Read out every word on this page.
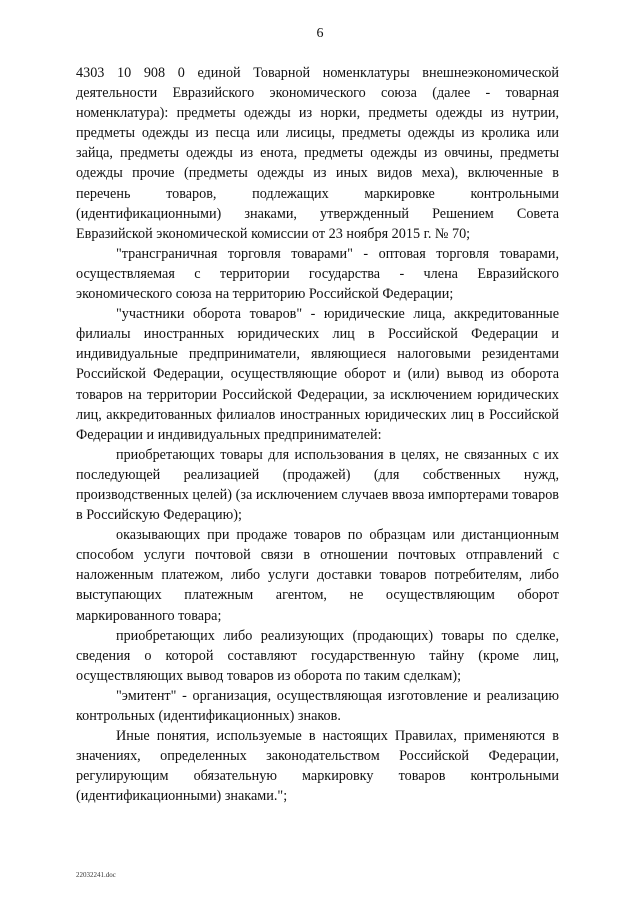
6

4303 10 908 0 единой Товарной номенклатуры внешнеэкономической деятельности Евразийского экономического союза (далее - товарная номенклатура): предметы одежды из норки, предметы одежды из нутрии, предметы одежды из песца или лисицы, предметы одежды из кролика или зайца, предметы одежды из енота, предметы одежды из овчины, предметы одежды прочие (предметы одежды из иных видов меха), включенные в перечень товаров, подлежащих маркировке контрольными (идентификационными) знаками, утвержденный Решением Совета Евразийской экономической комиссии от 23 ноября 2015 г. № 70;

"трансграничная торговля товарами" - оптовая торговля товарами, осуществляемая с территории государства - члена Евразийского экономического союза на территорию Российской Федерации;

"участники оборота товаров" - юридические лица, аккредитованные филиалы иностранных юридических лиц в Российской Федерации и индивидуальные предприниматели, являющиеся налоговыми резидентами Российской Федерации, осуществляющие оборот и (или) вывод из оборота товаров на территории Российской Федерации, за исключением юридических лиц, аккредитованных филиалов иностранных юридических лиц в Российской Федерации и индивидуальных предпринимателей:

приобретающих товары для использования в целях, не связанных с их последующей реализацией (продажей) (для собственных нужд, производственных целей) (за исключением случаев ввоза импортерами товаров в Российскую Федерацию);

оказывающих при продаже товаров по образцам или дистанционным способом услуги почтовой связи в отношении почтовых отправлений с наложенным платежом, либо услуги доставки товаров потребителям, либо выступающих платежным агентом, не осуществляющим оборот маркированного товара;

приобретающих либо реализующих (продающих) товары по сделке, сведения о которой составляют государственную тайну (кроме лиц, осуществляющих вывод товаров из оборота по таким сделкам);

"эмитент" - организация, осуществляющая изготовление и реализацию контрольных (идентификационных) знаков.

Иные понятия, используемые в настоящих Правилах, применяются в значениях, определенных законодательством Российской Федерации, регулирующим обязательную маркировку товаров контрольными (идентификационными) знаками.";

22032241.doc
